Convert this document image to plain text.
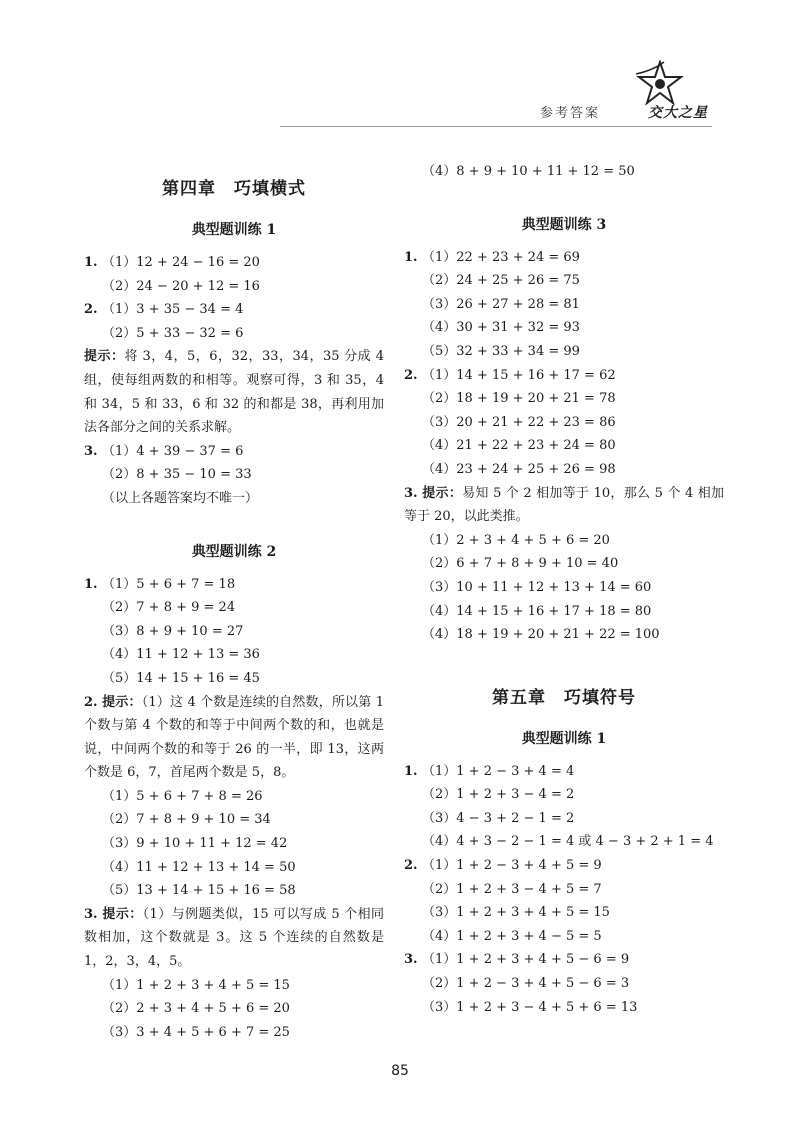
参考答案	交大之星
第四章　巧填横式
典型题训练 1
1. （1）12 + 24 − 16 = 20
（2）24 − 20 + 12 = 16
2. （1）3 + 35 − 34 = 4
（2）5 + 33 − 32 = 6
提示：将 3，4，5，6，32，33，34，35 分成 4 组，使每组两数的和相等。观察可得，3 和 35，4 和 34，5 和 33，6 和 32 的和都是 38，再利用加法各部分之间的关系求解。
3. （1）4 + 39 − 37 = 6
（2）8 + 35 − 10 = 33
（以上各题答案均不唯一）
典型题训练 2
1. （1）5 + 6 + 7 = 18
（2）7 + 8 + 9 = 24
（3）8 + 9 + 10 = 27
（4）11 + 12 + 13 = 36
（5）14 + 15 + 16 = 45
2. 提示：（1）这 4 个数是连续的自然数，所以第 1 个数与第 4 个数的和等于中间两个数的和，也就是说，中间两个数的和等于 26 的一半，即 13，这两个数是 6，7，首尾两个数是 5，8。
（1）5 + 6 + 7 + 8 = 26
（2）7 + 8 + 9 + 10 = 34
（3）9 + 10 + 11 + 12 = 42
（4）11 + 12 + 13 + 14 = 50
（5）13 + 14 + 15 + 16 = 58
3. 提示：（1）与例题类似，15 可以写成 5 个相同数相加，这个数就是 3。这 5 个连续的自然数是 1，2，3，4，5。
（1）1 + 2 + 3 + 4 + 5 = 15
（2）2 + 3 + 4 + 5 + 6 = 20
（3）3 + 4 + 5 + 6 + 7 = 25
（4）8 + 9 + 10 + 11 + 12 = 50
典型题训练 3
1. （1）22 + 23 + 24 = 69
（2）24 + 25 + 26 = 75
（3）26 + 27 + 28 = 81
（4）30 + 31 + 32 = 93
（5）32 + 33 + 34 = 99
2. （1）14 + 15 + 16 + 17 = 62
（2）18 + 19 + 20 + 21 = 78
（3）20 + 21 + 22 + 23 = 86
（4）21 + 22 + 23 + 24 = 80
（4）23 + 24 + 25 + 26 = 98
3. 提示：易知 5 个 2 相加等于 10，那么 5 个 4 相加等于 20，以此类推。
（1）2 + 3 + 4 + 5 + 6 = 20
（2）6 + 7 + 8 + 9 + 10 = 40
（3）10 + 11 + 12 + 13 + 14 = 60
（4）14 + 15 + 16 + 17 + 18 = 80
（4）18 + 19 + 20 + 21 + 22 = 100
第五章　巧填符号
典型题训练 1
1. （1）1 + 2 − 3 + 4 = 4
（2）1 + 2 + 3 − 4 = 2
（3）4 − 3 + 2 − 1 = 2
（4）4 + 3 − 2 − 1 = 4 或 4 − 3 + 2 + 1 = 4
2. （1）1 + 2 − 3 + 4 + 5 = 9
（2）1 + 2 + 3 − 4 + 5 = 7
（3）1 + 2 + 3 + 4 + 5 = 15
（4）1 + 2 + 3 + 4 − 5 = 5
3. （1）1 + 2 + 3 + 4 + 5 − 6 = 9
（2）1 + 2 − 3 + 4 + 5 − 6 = 3
（3）1 + 2 + 3 − 4 + 5 + 6 = 13
85
